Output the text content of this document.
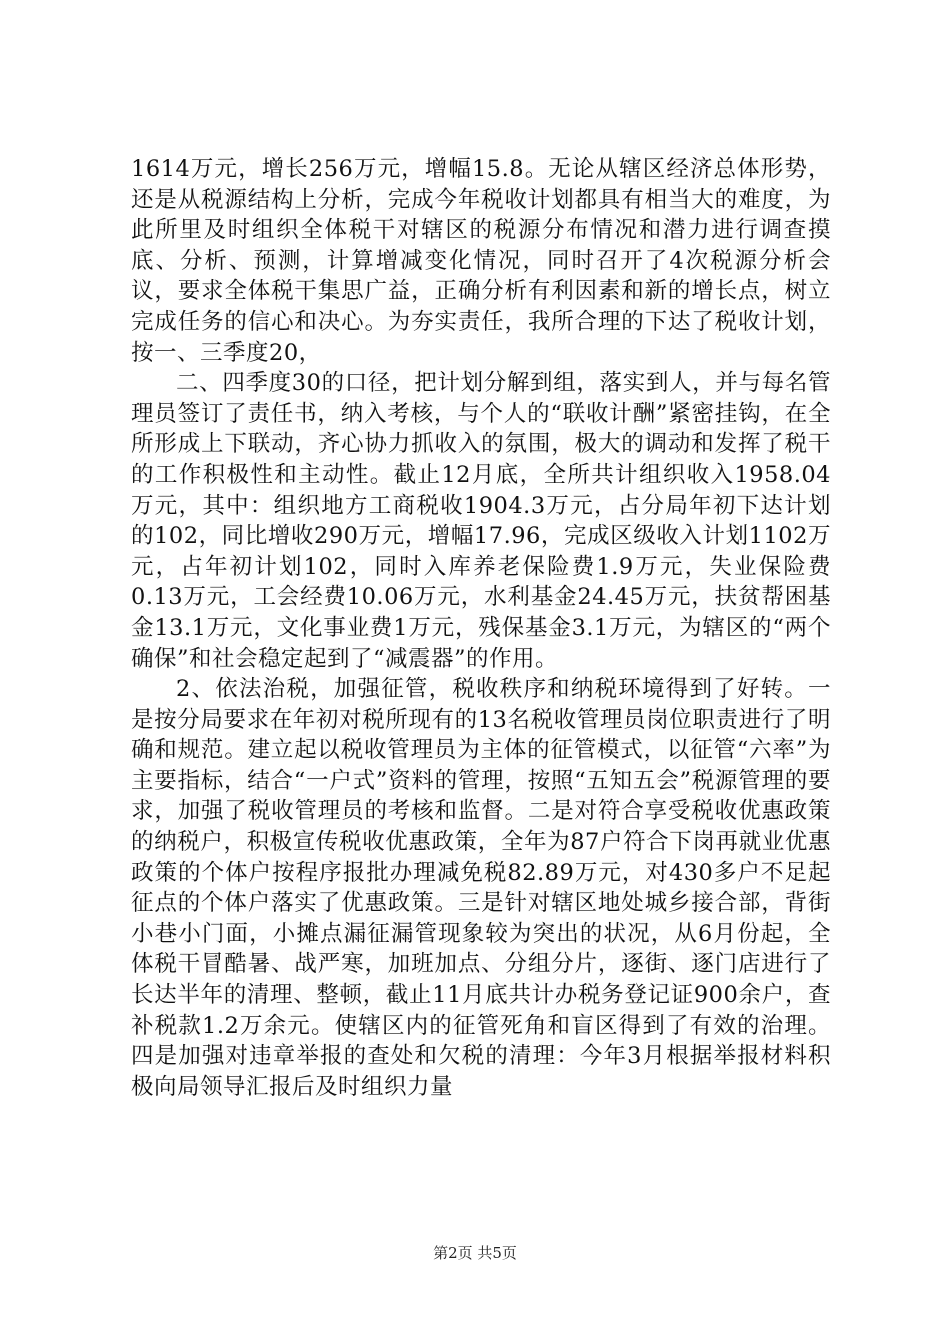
1614万元，增长256万元，增幅15.8。无论从辖区经济总体形势，还是从税源结构上分析，完成今年税收计划都具有相当大的难度，为此所里及时组织全体税干对辖区的税源分布情况和潜力进行调查摸底、分析、预测，计算增减变化情况，同时召开了4次税源分析会议，要求全体税干集思广益，正确分析有利因素和新的增长点，树立完成任务的信心和决心。为夯实责任，我所合理的下达了税收计划，按一、三季度20，

二、四季度30的口径，把计划分解到组，落实到人，并与每名管理员签订了责任书，纳入考核，与个人的“联收计酬”紧密挂钩，在全所形成上下联动，齐心协力抓收入的氛围，极大的调动和发挥了税干的工作积极性和主动性。截止12月底，全所共计组织收入1958.04万元，其中：组织地方工商税收1904.3万元，占分局年初下达计划的102，同比增收290万元，增幅17.96，完成区级收入计划1102万元，占年初计划102，同时入库养老保险费1.9万元，失业保险费0.13万元，工会经费10.06万元，水利基金24.45万元，扶贫帮困基金13.1万元，文化事业费1万元，残保基金3.1万元，为辖区的“两个确保”和社会稳定起到了“减震器”的作用。

2、依法治税，加强征管，税收秩序和纳税环境得到了好转。一是按分局要求在年初对税所现有的13名税收管理员岗位职责进行了明确和规范。建立起以税收管理员为主体的征管模式，以征管“六率”为主要指标，结合“一户式”资料的管理，按照“五知五会”税源管理的要求，加强了税收管理员的考核和监督。二是对符合享受税收优惠政策的纳税户，积极宣传税收优惠政策，全年为87户符合下岗再就业优惠政策的个体户按程序报批办理减免税82.89万元，对430多户不足起征点的个体户落实了优惠政策。三是针对辖区地处城乡接合部，背街小巷小门面，小摊点漏征漏管现象较为突出的状况，从6月份起，全体税干冒酷暑、战严寒，加班加点、分组分片，逐街、逐门店进行了长达半年的清理、整顿，截止11月底共计办税务登记证900余户，查补税款1.2万余元。使辖区内的征管死角和盲区得到了有效的治理。四是加强对违章举报的查处和欠税的清理：今年3月根据举报材料积极向局领导汇报后及时组织力量

第2页 共5页
